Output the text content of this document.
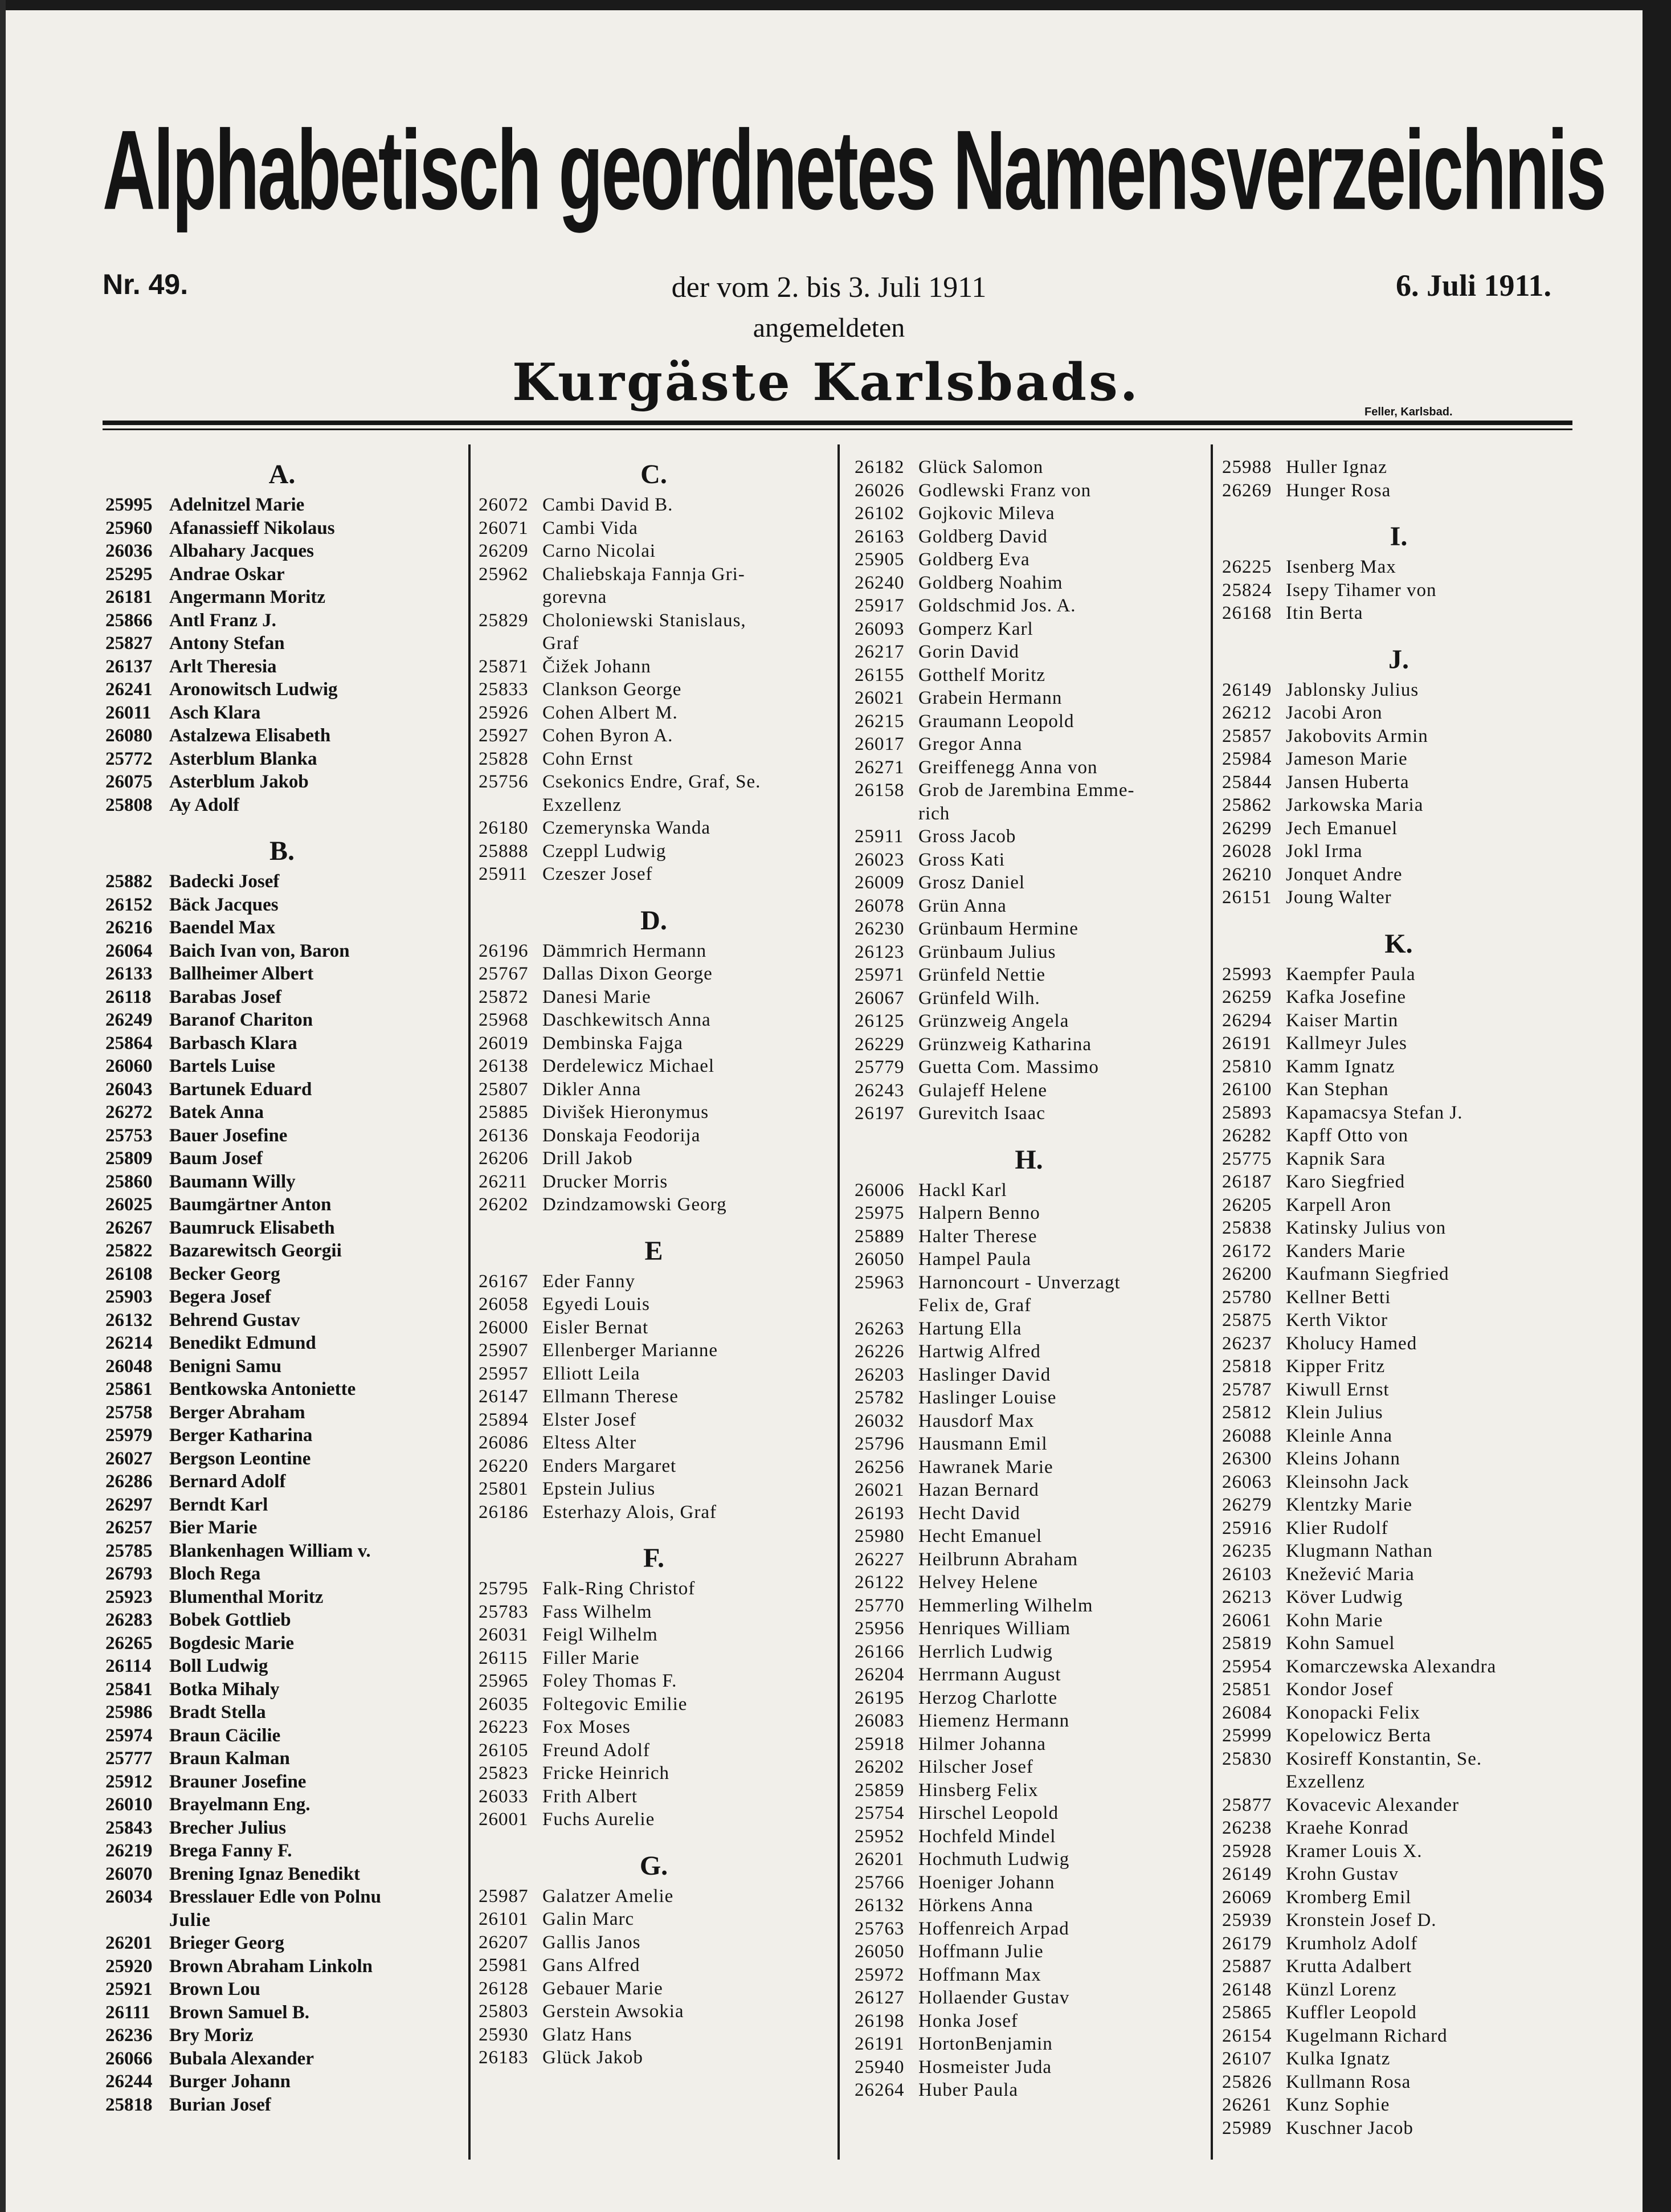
Alphabetisch geordnetes Namensverzeichnis
Nr. 49.	der vom 2. bis 3. Juli 1911
angemeldeten
6. Juli 1911.
Kurgäste Karlsbads.	Feller, Karlsbad.
A.
25995 Adelnitzel Marie
25960 Afanassieff Nikolaus
26036 Albahary Jacques
25295 Andrae Oskar
26181 Angermann Moritz
25866 Antl Franz J.
25827 Antony Stefan
26137 Arlt Theresia
26241 Aronowitsch Ludwig
26011 Asch Klara
26080 Astalzewa Elisabeth
25772 Asterblum Blanka
26075 Asterblum Jakob
25808 Ay Adolf
B.
25882 Badecki Josef
26152 Bäck Jacques
26216 Baendel Max
26064 Baich Ivan von, Baron
26133 Ballheimer Albert
26118 Barabas Josef
26249 Baranof Chariton
25864 Barbasch Klara
26060 Bartels Luise
26043 Bartunek Eduard
26272 Batek Anna
25753 Bauer Josefine
25809 Baum Josef
25860 Baumann Willy
26025 Baumgärtner Anton
26267 Baumruck Elisabeth
25822 Bazarewitsch Georgii
26108 Becker Georg
25903 Begera Josef
26132 Behrend Gustav
26214 Benedikt Edmund
26048 Benigni Samu
25861 Bentkowska Antoniette
25758 Berger Abraham
25979 Berger Katharina
26027 Bergson Leontine
26286 Bernard Adolf
26297 Berndt Karl
26257 Bier Marie
25785 Blankenhagen William v.
26793 Bloch Rega
25923 Blumenthal Moritz
26283 Bobek Gottlieb
26265 Bogdesic Marie
26114 Boll Ludwig
25841 Botka Mihaly
25986 Bradt Stella
25974 Braun Cäcilie
25777 Braun Kalman
25912 Brauner Josefine
26010 Brayelmann Eng.
25843 Brecher Julius
26219 Brega Fanny F.
26070 Brening Ignaz Benedikt
26034 Bresslauer Edle von Polnu
Julie
26201 Brieger Georg
25920 Brown Abraham Linkoln
25921 Brown Lou
26111	Brown Samuel B.
26236 Bry Moriz
26066 Bubala Alexander
26244 Burger Johann
25818 Burian Josef
C.
26072 Cambi David B.
26071 Cambi Vida
26209 Carno Nicolai
25962 Chaliebskaja Fannja Gri-
gorevna
25829 Choloniewski Stanislaus,
Graf
25871 Čižek Johann
25833 Clankson George
25926 Cohen Albert M.
25927 Cohen Byron A.
25828 Cohn Ernst
25756 Csekonics Endre, Graf, Se.
Exzellenz
26180 Czemerynska Wanda
25888 Czeppl Ludwig
25911 Czeszer Josef
D.
26196 Dämmrich Hermann
25767 Dallas Dixon George
25872 Danesi Marie
25968 Daschkewitsch Anna
26019 Dembinska Fajga
26138 Derdelewicz Michael
25807 Dikler Anna
25885 Divišek Hieronymus
26136 Donskaja Feodorija
26206 Drill Jakob
26211 Drucker Morris
26202 Dzindzamowski Georg
E
26167 Eder Fanny
26058 Egyedi Louis
26000 Eisler Bernat
25907 Ellenberger Marianne
25957 Elliott Leila
26147 Ellmann Therese
25894 Elster Josef
26086 Eltess Alter
26220 Enders Margaret
25801 Epstein Julius
26186 Esterhazy Alois, Graf
F.
25795 Falk-Ring Christof
25783 Fass Wilhelm
26031 Feigl Wilhelm
26115 Filler Marie
25965 Foley Thomas F.
26035 Foltegovic Emilie
26223 Fox Moses
26105 Freund Adolf
25823 Fricke Heinrich
26033 Frith Albert
26001 Fuchs Aurelie
G.
25987 Galatzer Amelie
26101 Galin Marc
26207 Gallis Janos
25981 Gans Alfred
26128 Gebauer Marie
25803 Gerstein Awsokia
25930 Glatz Hans
26183 Glück Jakob
26182 Glück Salomon
26026 Godlewski Franz von
26102 Gojkovic Mileva
26163 Goldberg David
25905 Goldberg Eva
26240 Goldberg Noahim
25917 Goldschmid Jos. A.
26093 Gomperz Karl
26217 Gorin David
26155 Gotthelf Moritz
26021 Grabein Hermann
26215 Graumann Leopold
26017 Gregor Anna
26271 Greiffenegg Anna von
26158 Grob de Jarembina Emme-
rich
25911 Gross Jacob
26023 Gross Kati
26009 Grosz Daniel
26078 Grün Anna
26230 Grünbaum Hermine
26123 Grünbaum Julius
25971 Grünfeld Nettie
26067 Grünfeld Wilh.
26125 Grünzweig Angela
26229 Grünzweig Katharina
25779 Guetta Com. Massimo
26243 Gulajeff Helene
26197 Gurevitch Isaac
H.
26006 Hackl Karl
25975 Halpern Benno
25889 Halter Therese
26050 Hampel Paula
25963 Harnoncourt - Unverzagt
Felix de, Graf
26263 Hartung Ella
26226 Hartwig Alfred
26203 Haslinger David
25782 Haslinger Louise
26032 Hausdorf Max
25796 Hausmann Emil
26256 Hawranek Marie
26021 Hazan Bernard
26193 Hecht David
25980 Hecht Emanuel
26227 Heilbrunn Abraham
26122 Helvey Helene
25770 Hemmerling Wilhelm
25956 Henriques William
26166 Herrlich Ludwig
26204 Herrmann August
26195 Herzog Charlotte
26083 Hiemenz Hermann
25918 Hilmer Johanna
26202 Hilscher Josef
25859 Hinsberg Felix
25754 Hirschel Leopold
25952 Hochfeld Mindel
26201 Hochmuth Ludwig
25766 Hoeniger Johann
26132 Hörkens Anna
25763 Hoffenreich Arpad
26050 Hoffmann Julie
25972 Hoffmann Max
26127 Hollaender Gustav
26198 Honka Josef
26191 HortonBenjamin
25940 Hosmeister Juda
26264 Huber Paula
25988 Huller Ignaz
26269 Hunger Rosa
I.
26225 Isenberg Max
25824 Isepy Tihamer von
26168 Itin Berta
J.
26149 Jablonsky Julius
26212 Jacobi Aron
25857 Jakobovits Armin
25984 Jameson Marie
25844 Jansen Huberta
25862 Jarkowska Maria
26299 Jech Emanuel
26028 Jokl Irma
26210 Jonquet Andre
26151 Joung Walter
K.
25993 Kaempfer Paula
26259 Kafka Josefine
26294 Kaiser Martin
26191 Kallmeyr Jules
25810 Kamm Ignatz
26100 Kan Stephan
25893 Kapamacsya Stefan J.
26282 Kapff Otto von
25775 Kapnik Sara
26187 Karo Siegfried
26205 Karpell Aron
25838 Katinsky Julius von
26172 Kanders Marie
26200 Kaufmann Siegfried
25780 Kellner Betti
25875 Kerth Viktor
26237 Kholucy Hamed
25818 Kipper Fritz
25787 Kiwull Ernst
25812 Klein Julius
26088 Kleinle Anna
26300 Kleins Johann
26063 Kleinsohn Jack
26279 Klentzky Marie
25916 Klier Rudolf
26235 Klugmann Nathan
26103 Knežević Maria
26213 Köver Ludwig
26061 Kohn Marie
25819 Kohn Samuel
25954 Komarczewska Alexandra
25851 Kondor Josef
26084 Konopacki Felix
25999 Kopelowicz Berta
25830 Kosireff Konstantin, Se.
Exzellenz
25877 Kovacevic Alexander
26238 Kraehe Konrad
25928 Kramer Louis X.
26149 Krohn Gustav
26069 Kromberg Emil
25939 Kronstein Josef D.
26179 Krumholz Adolf
25887 Krutta Adalbert
26148 Künzl Lorenz
25865 Kuffler Leopold
26154 Kugelmann Richard
26107 Kulka Ignatz
25826 Kullmann Rosa
26261 Kunz Sophie
25989 Kuschner Jacob
